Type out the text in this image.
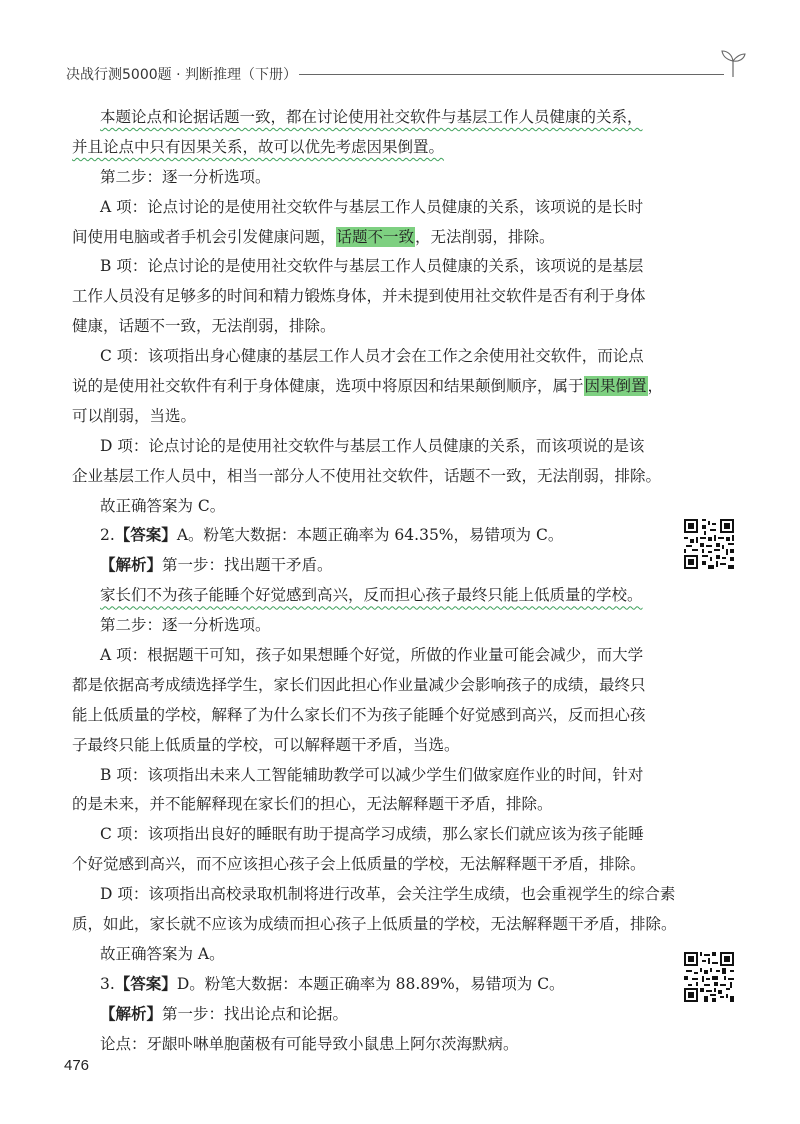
决战行测5000题 · 判断推理（下册）
本题论点和论据话题一致，都在讨论使用社交软件与基层工作人员健康的关系，
并且论点中只有因果关系，故可以优先考虑因果倒置。
第二步：逐一分析选项。
A 项：论点讨论的是使用社交软件与基层工作人员健康的关系，该项说的是长时
间使用电脑或者手机会引发健康问题，话题不一致，无法削弱，排除。
B 项：论点讨论的是使用社交软件与基层工作人员健康的关系，该项说的是基层
工作人员没有足够多的时间和精力锻炼身体，并未提到使用社交软件是否有利于身体
健康，话题不一致，无法削弱，排除。
C 项：该项指出身心健康的基层工作人员才会在工作之余使用社交软件，而论点
说的是使用社交软件有利于身体健康，选项中将原因和结果颠倒顺序，属于因果倒置，
可以削弱，当选。
D 项：论点讨论的是使用社交软件与基层工作人员健康的关系，而该项说的是该
企业基层工作人员中，相当一部分人不使用社交软件，话题不一致，无法削弱，排除。
故正确答案为 C。
2.【答案】A。粉笔大数据：本题正确率为 64.35%，易错项为 C。
【解析】第一步：找出题干矛盾。
家长们不为孩子能睡个好觉感到高兴，反而担心孩子最终只能上低质量的学校。
第二步：逐一分析选项。
A 项：根据题干可知，孩子如果想睡个好觉，所做的作业量可能会减少，而大学
都是依据高考成绩选择学生，家长们因此担心作业量减少会影响孩子的成绩，最终只
能上低质量的学校，解释了为什么家长们不为孩子能睡个好觉感到高兴，反而担心孩
子最终只能上低质量的学校，可以解释题干矛盾，当选。
B 项：该项指出未来人工智能辅助教学可以减少学生们做家庭作业的时间，针对
的是未来，并不能解释现在家长们的担心，无法解释题干矛盾，排除。
C 项：该项指出良好的睡眠有助于提高学习成绩，那么家长们就应该为孩子能睡
个好觉感到高兴，而不应该担心孩子会上低质量的学校，无法解释题干矛盾，排除。
D 项：该项指出高校录取机制将进行改革，会关注学生成绩，也会重视学生的综合素
质，如此，家长就不应该为成绩而担心孩子上低质量的学校，无法解释题干矛盾，排除。
故正确答案为 A。
3.【答案】D。粉笔大数据：本题正确率为 88.89%，易错项为 C。
【解析】第一步：找出论点和论据。
论点：牙龈卟啉单胞菌极有可能导致小鼠患上阿尔茨海默病。
476
